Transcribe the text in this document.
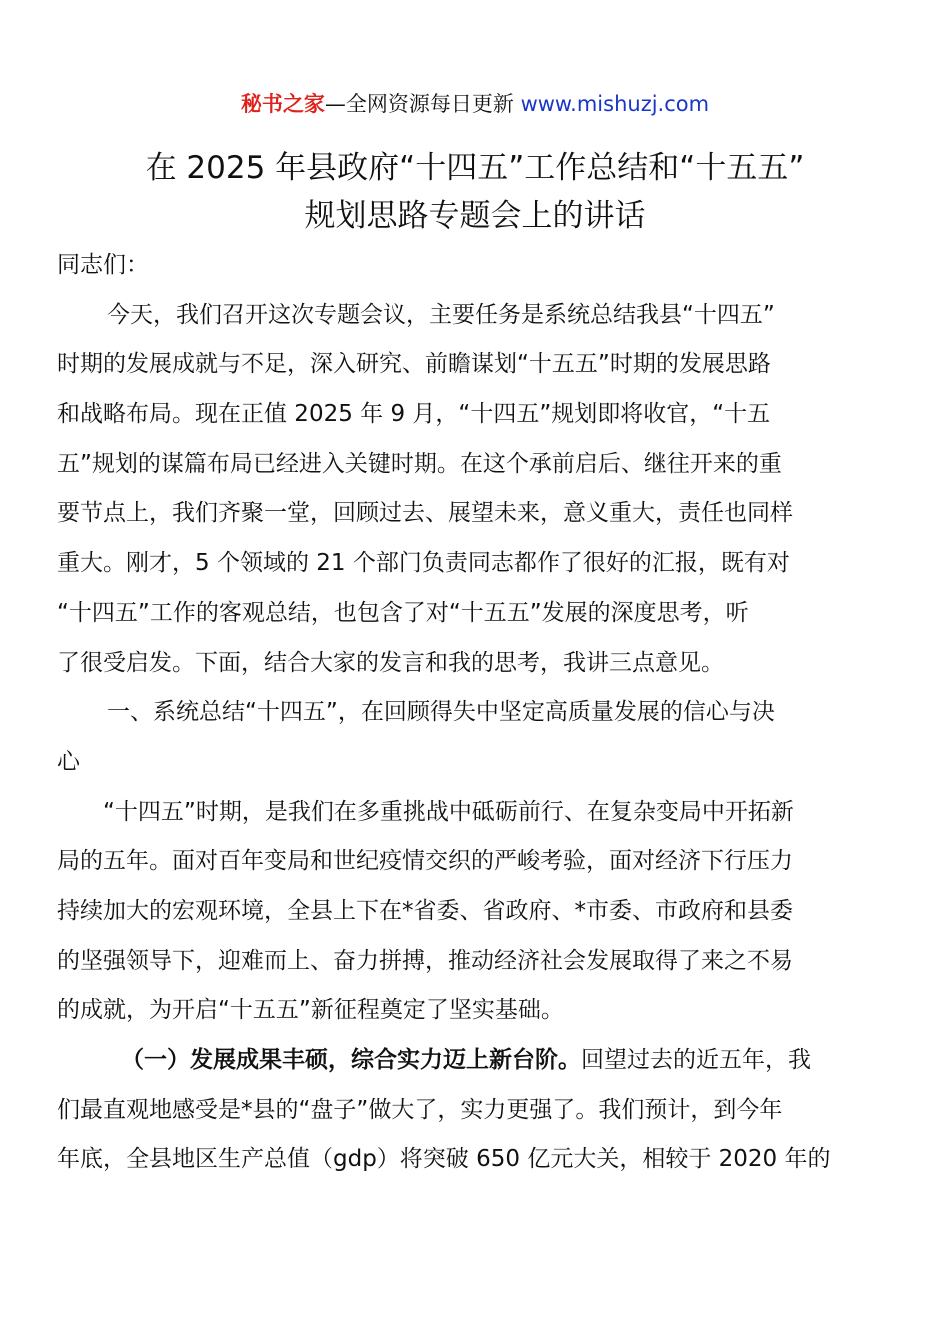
秘书之家—全网资源每日更新 www.mishuzj.com
在 2025 年县政府“十四五”工作总结和“十五五”
规划思路专题会上的讲话
同志们：
今天，我们召开这次专题会议，主要任务是系统总结我县“十四五”
时期的发展成就与不足，深入研究、前瞻谋划“十五五”时期的发展思路
和战略布局。现在正值 2025 年 9 月，“十四五”规划即将收官，“十五
五”规划的谋篇布局已经进入关键时期。在这个承前启后、继往开来的重
要节点上，我们齐聚一堂，回顾过去、展望未来，意义重大，责任也同样
重大。刚才，5 个领域的 21 个部门负责同志都作了很好的汇报，既有对
“十四五”工作的客观总结，也包含了对“十五五”发展的深度思考，听
了很受启发。下面，结合大家的发言和我的思考，我讲三点意见。
一、系统总结“十四五”，在回顾得失中坚定高质量发展的信心与决
心
“十四五”时期，是我们在多重挑战中砥砺前行、在复杂变局中开拓新
局的五年。面对百年变局和世纪疫情交织的严峻考验，面对经济下行压力
持续加大的宏观环境，全县上下在*省委、省政府、*市委、市政府和县委
的坚强领导下，迎难而上、奋力拼搏，推动经济社会发展取得了来之不易
的成就，为开启“十五五”新征程奠定了坚实基础。
（一）发展成果丰硕，综合实力迈上新台阶。回望过去的近五年，我
们最直观地感受是*县的“盘子”做大了，实力更强了。我们预计，到今年
年底，全县地区生产总值（gdp）将突破 650 亿元大关，相较于 2020 年的
